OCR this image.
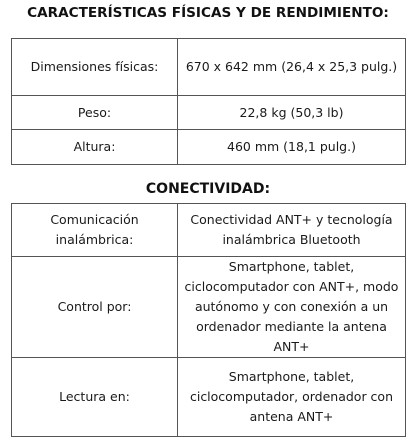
CARACTERÍSTICAS FÍSICAS Y DE RENDIMIENTO:
Dimensiones físicas:	670 x 642 mm (26,4 x 25,3 pulg.)
Peso:	22,8 kg (50,3 lb)
Altura:	460 mm (18,1 pulg.)
CONECTIVIDAD:
Comunicación inalámbrica:	Conectividad ANT+ y tecnología inalámbrica Bluetooth
Control por:	Smartphone, tablet, ciclocomputador con ANT+, modo autónomo y con conexión a un ordenador mediante la antena ANT+
Lectura en:	Smartphone, tablet, ciclocomputador, ordenador con antena ANT+
